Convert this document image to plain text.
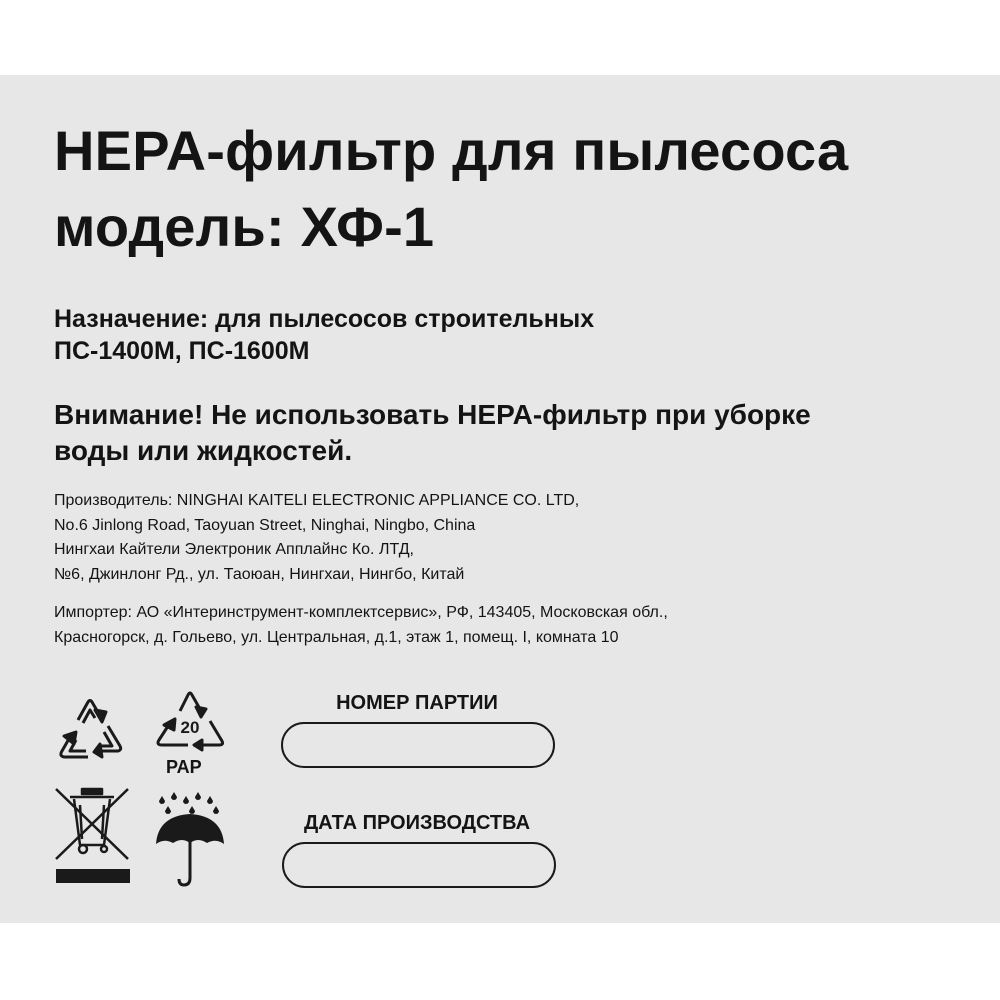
HEPA-фильтр для пылесоса
модель: ХФ-1
Назначение: для пылесосов строительных
ПС-1400М, ПС-1600М
Внимание! Не использовать HEPA-фильтр при уборке
воды или жидкостей.
Производитель: NINGHAI KAITELI ELECTRONIC APPLIANCE CO. LTD,
No.6 Jinlong Road, Taoyuan Street, Ninghai, Ningbo, China
Нингхаи Кайтели Электроник Апплайнс Ко. ЛТД,
№6, Джинлонг Рд., ул. Таоюан, Нингхаи, Нингбо, Китай
Импортер: АО «Интеринструмент-комплектсервис», РФ, 143405, Московская обл.,
Красногорск, д. Гольево, ул. Центральная, д.1, этаж 1, помещ. I, комната 10
20
PAP
НОМЕР ПАРТИИ
ДАТА ПРОИЗВОДСТВА
